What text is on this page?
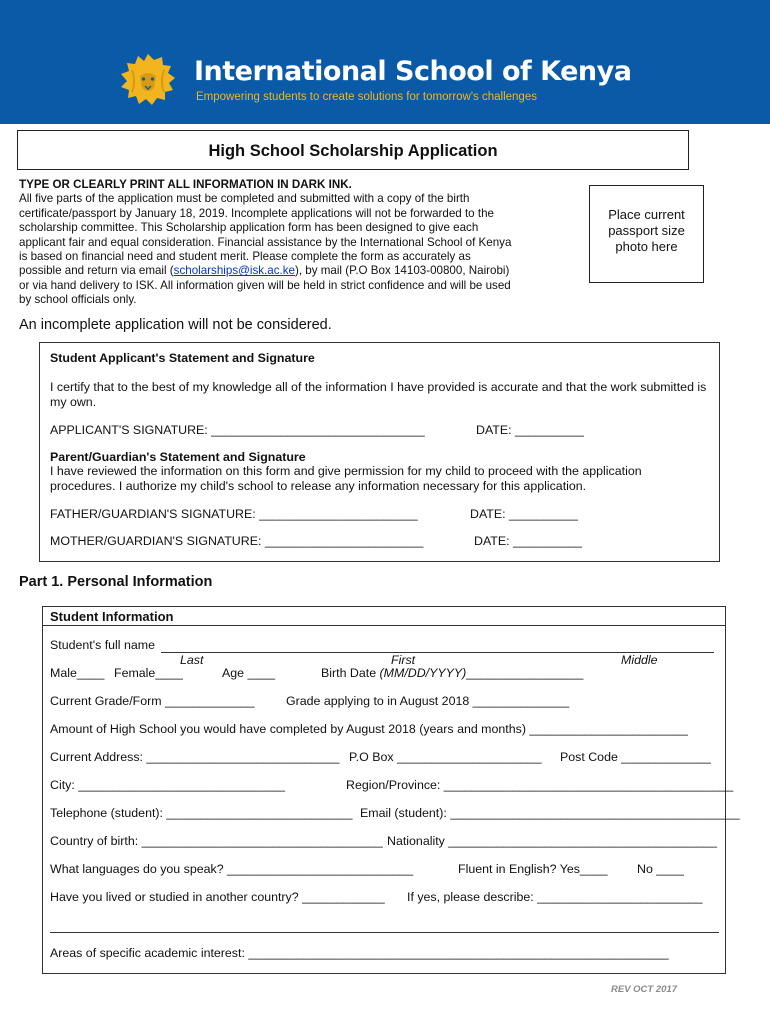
International School of Kenya
Empowering students to create solutions for tomorrow's challenges
High School Scholarship Application
TYPE OR CLEARLY PRINT ALL INFORMATION IN DARK INK.
All five parts of the application must be completed and submitted with a copy of the birth
certificate/passport by January 18, 2019. Incomplete applications will not be forwarded to the
scholarship committee. This Scholarship application form has been designed to give each
applicant fair and equal consideration. Financial assistance by the International School of Kenya
is based on financial need and student merit. Please complete the form as accurately as
possible and return via email (scholarships@isk.ac.ke), by mail (P.O Box 14103-00800, Nairobi)
or via hand delivery to ISK. All information given will be held in strict confidence and will be used
by school officials only.
Place current
passport size
photo here
An incomplete application will not be considered.
Student Applicant's Statement and Signature
I certify that to the best of my knowledge all of the information I have provided is accurate and that the work submitted is
my own.
APPLICANT'S SIGNATURE: _______________________________	DATE: __________
Parent/Guardian's Statement and Signature
I have reviewed the information on this form and give permission for my child to proceed with the application
procedures. I authorize my child's school to release any information necessary for this application.
FATHER/GUARDIAN'S SIGNATURE: _______________________	DATE: __________
MOTHER/GUARDIAN'S SIGNATURE: _______________________	DATE: __________
Part 1. Personal Information
Student Information
Student's full name
Last	First	Middle
Male____ Female____	Age ____	Birth Date (MM/DD/YYYY)_________________
Current Grade/Form _____________	Grade applying to in August 2018 ______________
Amount of High School you would have completed by August 2018 (years and months) _______________________
Current Address: ____________________________ P.O Box _____________________ Post Code _____________
City: ______________________________	Region/Province: __________________________________________
Telephone (student): ___________________________ Email (student): __________________________________________
Country of birth: ___________________________________ Nationality _______________________________________
What languages do you speak? ___________________________	Fluent in English? Yes____ No ____
Have you lived or studied in another country? ____________ If yes, please describe: ________________________
Areas of specific academic interest: _____________________________________________________________
REV OCT 2017
